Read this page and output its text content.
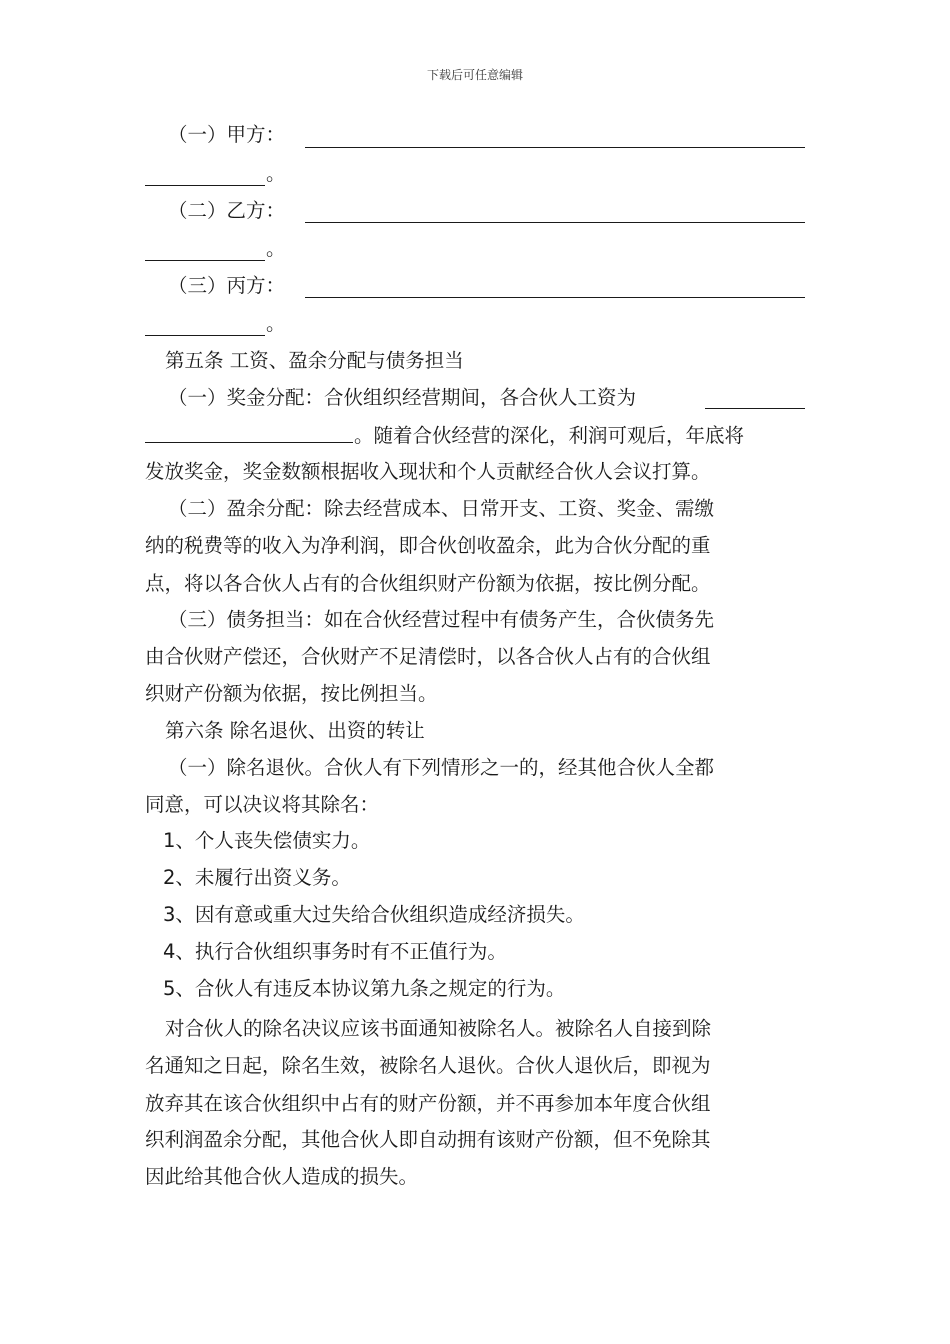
下载后可任意编辑
（一）甲方：
。
（二）乙方：
。
（三）丙方：
。
第五条 工资、盈余分配与债务担当
（一）奖金分配：合伙组织经营期间，各合伙人工资为
。随着合伙经营的深化，利润可观后，年底将
发放奖金，奖金数额根据收入现状和个人贡献经合伙人会议打算。
（二）盈余分配：除去经营成本、日常开支、工资、奖金、需缴
纳的税费等的收入为净利润，即合伙创收盈余，此为合伙分配的重
点，将以各合伙人占有的合伙组织财产份额为依据，按比例分配。
（三）债务担当：如在合伙经营过程中有债务产生，合伙债务先
由合伙财产偿还，合伙财产不足清偿时，以各合伙人占有的合伙组
织财产份额为依据，按比例担当。
第六条 除名退伙、出资的转让
（一）除名退伙。合伙人有下列情形之一的，经其他合伙人全都
同意，可以决议将其除名：
1、个人丧失偿债实力。
2、未履行出资义务。
3、因有意或重大过失给合伙组织造成经济损失。
4、执行合伙组织事务时有不正值行为。
5、合伙人有违反本协议第九条之规定的行为。
对合伙人的除名决议应该书面通知被除名人。被除名人自接到除
名通知之日起，除名生效，被除名人退伙。合伙人退伙后，即视为
放弃其在该合伙组织中占有的财产份额，并不再参加本年度合伙组
织利润盈余分配，其他合伙人即自动拥有该财产份额，但不免除其
因此给其他合伙人造成的损失。
